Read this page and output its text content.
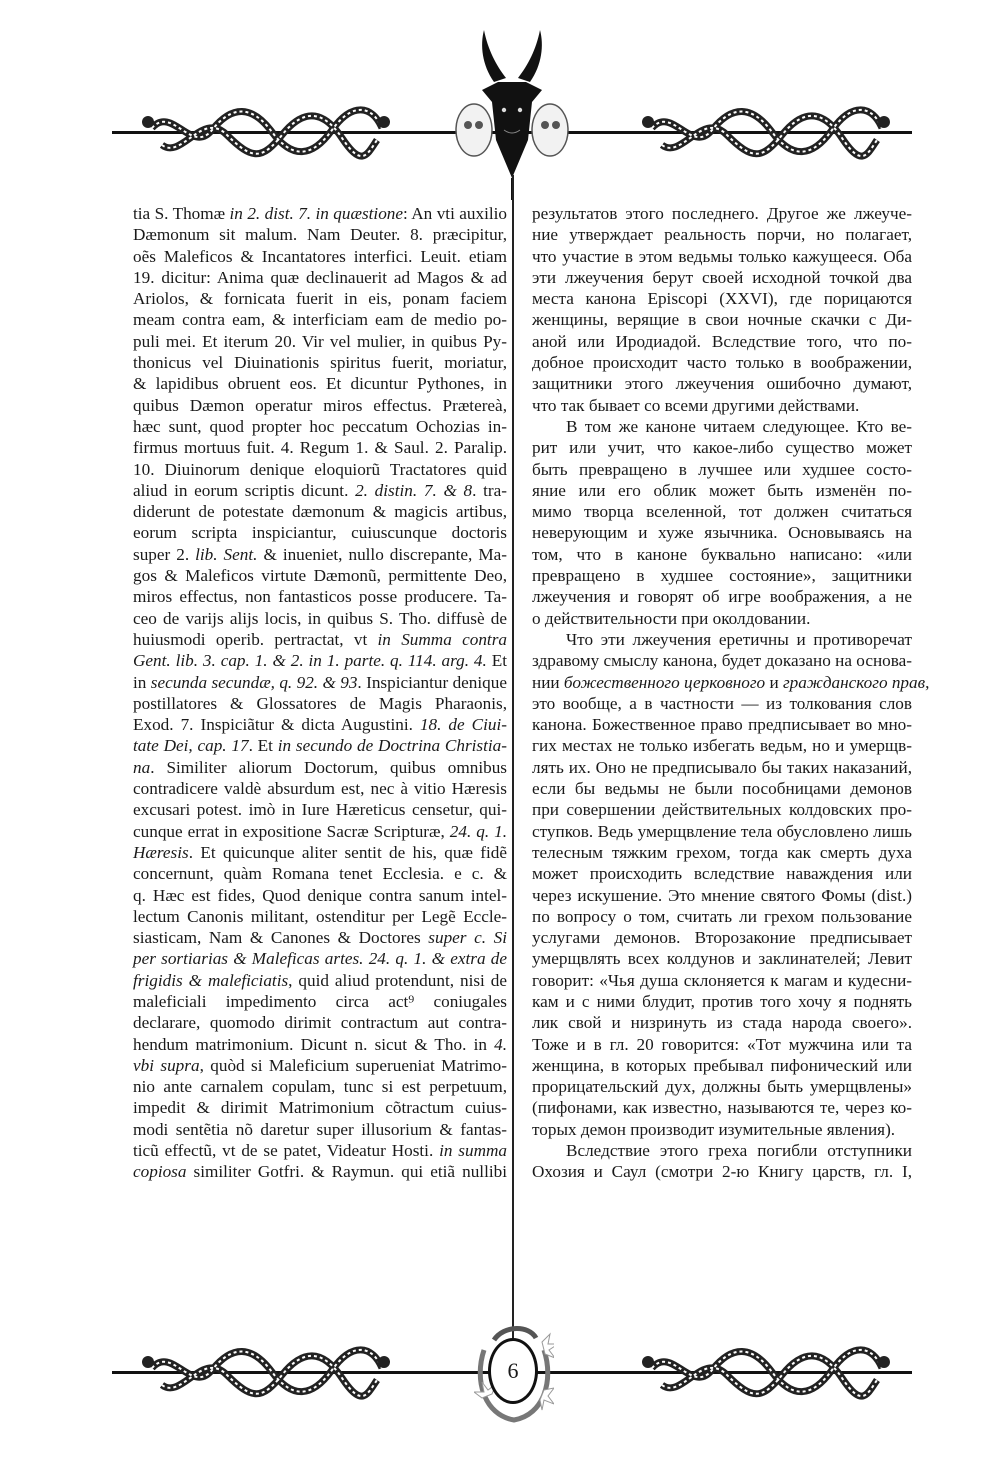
tia S. Thomæ in 2. dist. 7. in quæstione: An vti auxilio
Dæmonum sit malum. Nam Deuter. 8. præcipitur,
oẽs Maleficos & Incantatores interfici. Leuit. etiam
19. dicitur: Anima quæ declinauerit ad Magos & ad
Ariolos, & fornicata fuerit in eis, ponam faciem
meam contra eam, & interficiam eam de medio po-
puli mei. Et iterum 20. Vir vel mulier, in quibus Py-
thonicus vel Diuinationis spiritus fuerit, moriatur,
& lapidibus obruent eos. Et dicuntur Pythones, in
quibus Dæmon operatur miros effectus. Prætereà,
hæc sunt, quod propter hoc peccatum Ochozias in-
firmus mortuus fuit. 4. Regum 1. & Saul. 2. Paralip.
10. Diuinorum denique eloquiorũ Tractatores quid
aliud in eorum scriptis dicunt. 2. distin. 7. & 8. tra-
diderunt de potestate dæmonum & magicis artibus,
eorum scripta inspiciantur, cuiuscunque doctoris
super 2. lib. Sent. & inueniet, nullo discrepante, Ma-
gos & Maleficos virtute Dæmonũ, permittente Deo,
miros effectus, non fantasticos posse producere. Ta-
ceo de varijs alijs locis, in quibus S. Tho. diffusè de
huiusmodi operib. pertractat, vt in Summa contra
Gent. lib. 3. cap. 1. & 2. in 1. parte. q. 114. arg. 4. Et
in secunda secundæ, q. 92. & 93. Inspiciantur denique
postillatores & Glossatores de Magis Pharaonis,
Exod. 7. Inspiciãtur & dicta Augustini. 18. de Ciui-
tate Dei, cap. 17. Et in secundo de Doctrina Christia-
na. Similiter aliorum Doctorum, quibus omnibus
contradicere valdè absurdum est, nec à vitio Hæresis
excusari potest. imò in Iure Hæreticus censetur, qui-
cunque errat in expositione Sacræ Scripturæ, 24. q. 1.
Hæresis. Et quicunque aliter sentit de his, quæ fidẽ
concernunt, quàm Romana tenet Ecclesia. e c. &
q. Hæc est fides, Quod denique contra sanum intel-
lectum Canonis militant, ostenditur per Legẽ Eccle-
siasticam, Nam & Canones & Doctores super c. Si
per sortiarias & Maleficas artes. 24. q. 1. & extra de
frigidis & maleficiatis, quid aliud protendunt, nisi de
maleficiali impedimento circa act⁹ coniugales
declarare, quomodo dirimit contractum aut contra-
hendum matrimonium. Dicunt n. sicut & Tho. in 4.
vbi supra, quòd si Maleficium superueniat Matrimo-
nio ante carnalem copulam, tunc si est perpetuum,
impedit & dirimit Matrimonium cõtractum cuius-
modi sentẽtia nõ daretur super illusorium & fantas-
ticũ effectũ, vt de se patet, Videatur Hosti. in summa
copiosa similiter Gotfri. & Raymun. qui etiã nullibi
результатов этого последнего. Другое же лжеуче-
ние утверждает реальность порчи, но полагает,
что участие в этом ведьмы только кажущееся. Оба
эти лжеучения берут своей исходной точкой два
места канона Episcopi (XXVI), где порицаются
женщины, верящие в свои ночные скачки с Ди-
аной или Иродиадой. Вследствие того, что по-
добное происходит часто только в воображении,
защитники этого лжеучения ошибочно думают,
что так бывает со всеми другими действами.
В том же каноне читаем следующее. Кто ве-
рит или учит, что какое-либо существо может
быть превращено в лучшее или худшее состо-
яние или его облик может быть изменён по-
мимо творца вселенной, тот должен считаться
неверующим и хуже язычника. Основываясь на
том, что в каноне буквально написано: «или
превращено в худшее состояние», защитники
лжеучения и говорят об игре воображения, а не
о действительности при околдовании.
Что эти лжеучения еретичны и противоречат
здравому смыслу канона, будет доказано на основа-
нии божественного церковного и гражданского прав,
это вообще, а в частности — из толкования слов
канона. Божественное право предписывает во мно-
гих местах не только избегать ведьм, но и умерщв-
лять их. Оно не предписывало бы таких наказаний,
если бы ведьмы не были пособницами демонов
при совершении действительных колдовских про-
ступков. Ведь умерщвление тела обусловлено лишь
телесным тяжким грехом, тогда как смерть духа
может происходить вследствие наваждения или
через искушение. Это мнение святого Фомы (dist.)
по вопросу о том, считать ли грехом пользование
услугами демонов. Второзаконие предписывает
умерщвлять всех колдунов и заклинателей; Левит
говорит: «Чья душа склоняется к магам и кудесни-
кам и с ними блудит, против того хочу я поднять
лик свой и низринуть из стада народа своего».
Тоже и в гл. 20 говорится: «Тот мужчина или та
женщина, в которых пребывал пифонический или
прорицательский дух, должны быть умерщвлены»
(пифонами, как известно, называются те, через ко-
торых демон производит изумительные явления).
Вследствие этого греха погибли отступники
Охозия и Саул (смотри 2-ю Книгу царств, гл. I,
6
